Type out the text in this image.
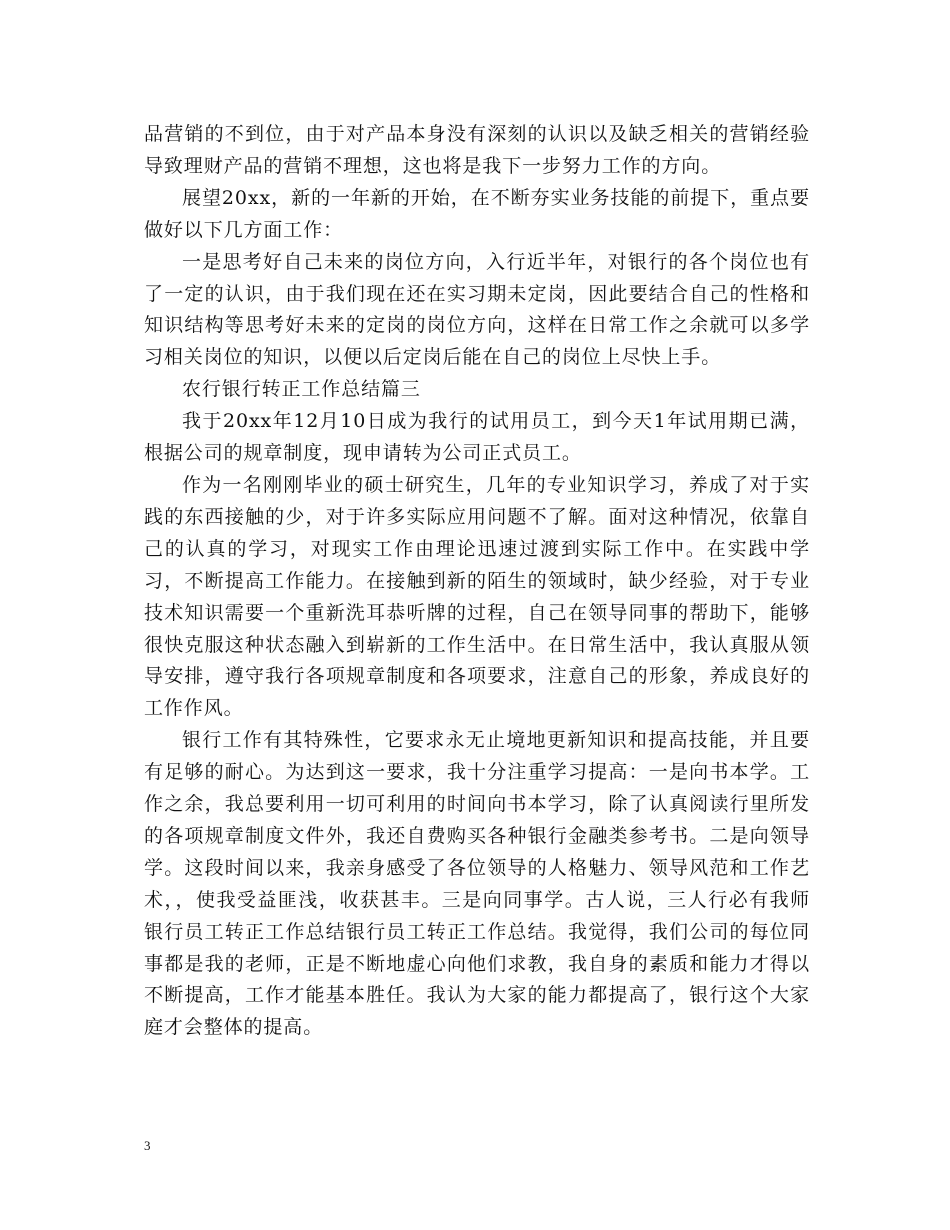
品营销的不到位，由于对产品本身没有深刻的认识以及缺乏相关的营销经验导致理财产品的营销不理想，这也将是我下一步努力工作的方向。

展望20xx，新的一年新的开始，在不断夯实业务技能的前提下，重点要做好以下几方面工作：

一是思考好自己未来的岗位方向，入行近半年，对银行的各个岗位也有了一定的认识，由于我们现在还在实习期未定岗，因此要结合自己的性格和知识结构等思考好未来的定岗的岗位方向，这样在日常工作之余就可以多学习相关岗位的知识，以便以后定岗后能在自己的岗位上尽快上手。

农行银行转正工作总结篇三

我于20xx年12月10日成为我行的试用员工，到今天1年试用期已满，根据公司的规章制度，现申请转为公司正式员工。

作为一名刚刚毕业的硕士研究生，几年的专业知识学习，养成了对于实践的东西接触的少，对于许多实际应用问题不了解。面对这种情况，依靠自己的认真的学习，对现实工作由理论迅速过渡到实际工作中。在实践中学习，不断提高工作能力。在接触到新的陌生的领域时，缺少经验，对于专业技术知识需要一个重新洗耳恭听牌的过程，自己在领导同事的帮助下，能够很快克服这种状态融入到崭新的工作生活中。在日常生活中，我认真服从领导安排，遵守我行各项规章制度和各项要求，注意自己的形象，养成良好的工作作风。

银行工作有其特殊性，它要求永无止境地更新知识和提高技能，并且要有足够的耐心。为达到这一要求，我十分注重学习提高：一是向书本学。工作之余，我总要利用一切可利用的时间向书本学习，除了认真阅读行里所发的各项规章制度文件外，我还自费购买各种银行金融类参考书。二是向领导学。这段时间以来，我亲身感受了各位领导的人格魅力、领导风范和工作艺术，，使我受益匪浅，收获甚丰。三是向同事学。古人说，三人行必有我师银行员工转正工作总结银行员工转正工作总结。我觉得，我们公司的每位同事都是我的老师，正是不断地虚心向他们求教，我自身的素质和能力才得以不断提高，工作才能基本胜任。我认为大家的能力都提高了，银行这个大家庭才会整体的提高。

3
